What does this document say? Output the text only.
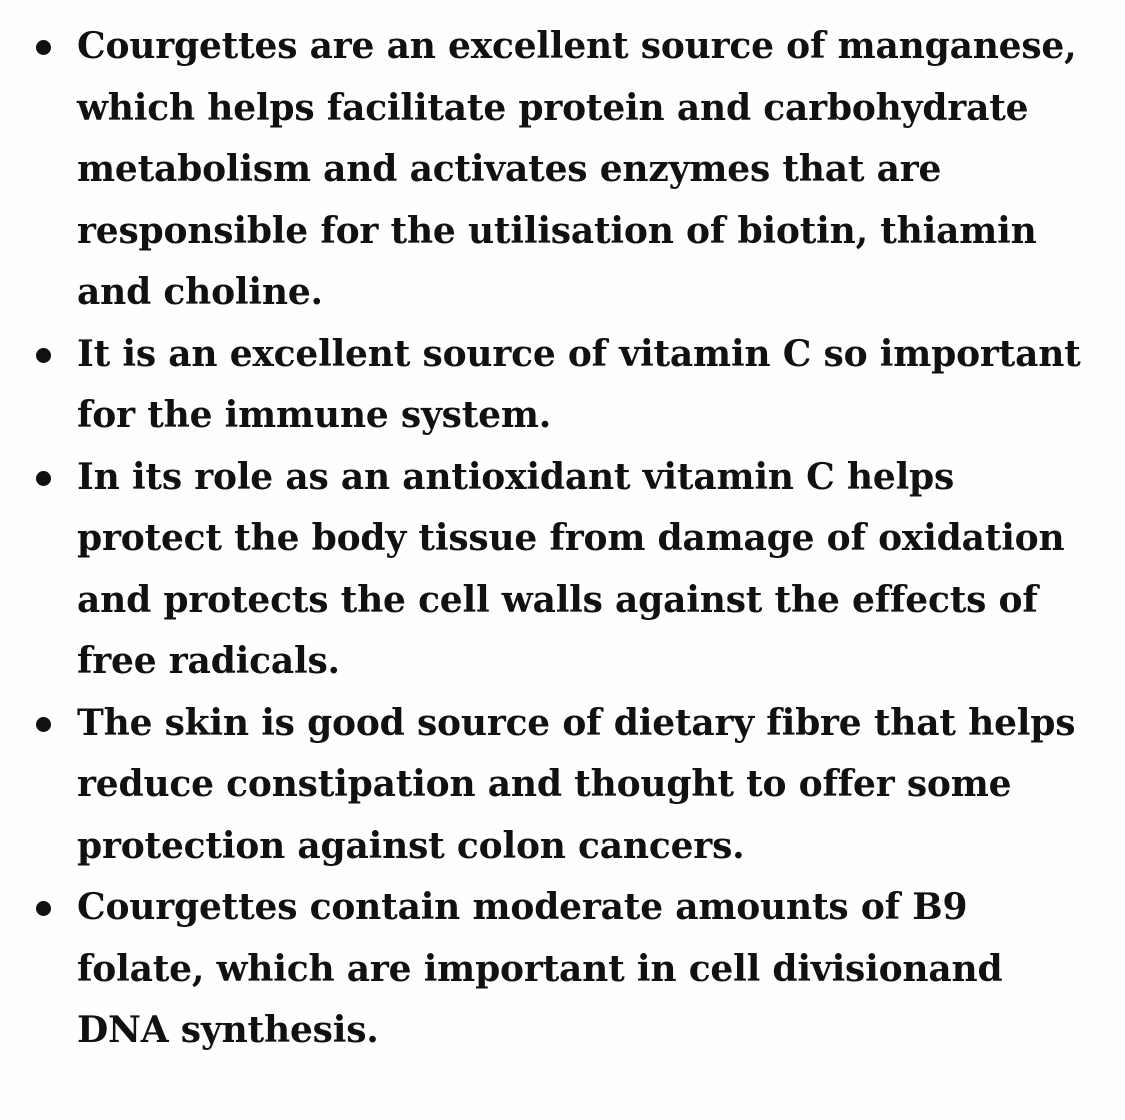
Courgettes are an excellent source of manganese, which helps facilitate protein and carbohydrate metabolism and activates enzymes that are responsible for the utilisation of biotin, thiamin and choline.
It is an excellent source of vitamin C so important for the immune system.
In its role as an antioxidant vitamin C helps protect the body tissue from damage of oxidation and protects the cell walls against the effects of free radicals.
The skin is good source of dietary fibre that helps reduce constipation and thought to offer some protection against colon cancers.
Courgettes contain moderate amounts of B9 folate, which are important in cell divisionand DNA synthesis.
